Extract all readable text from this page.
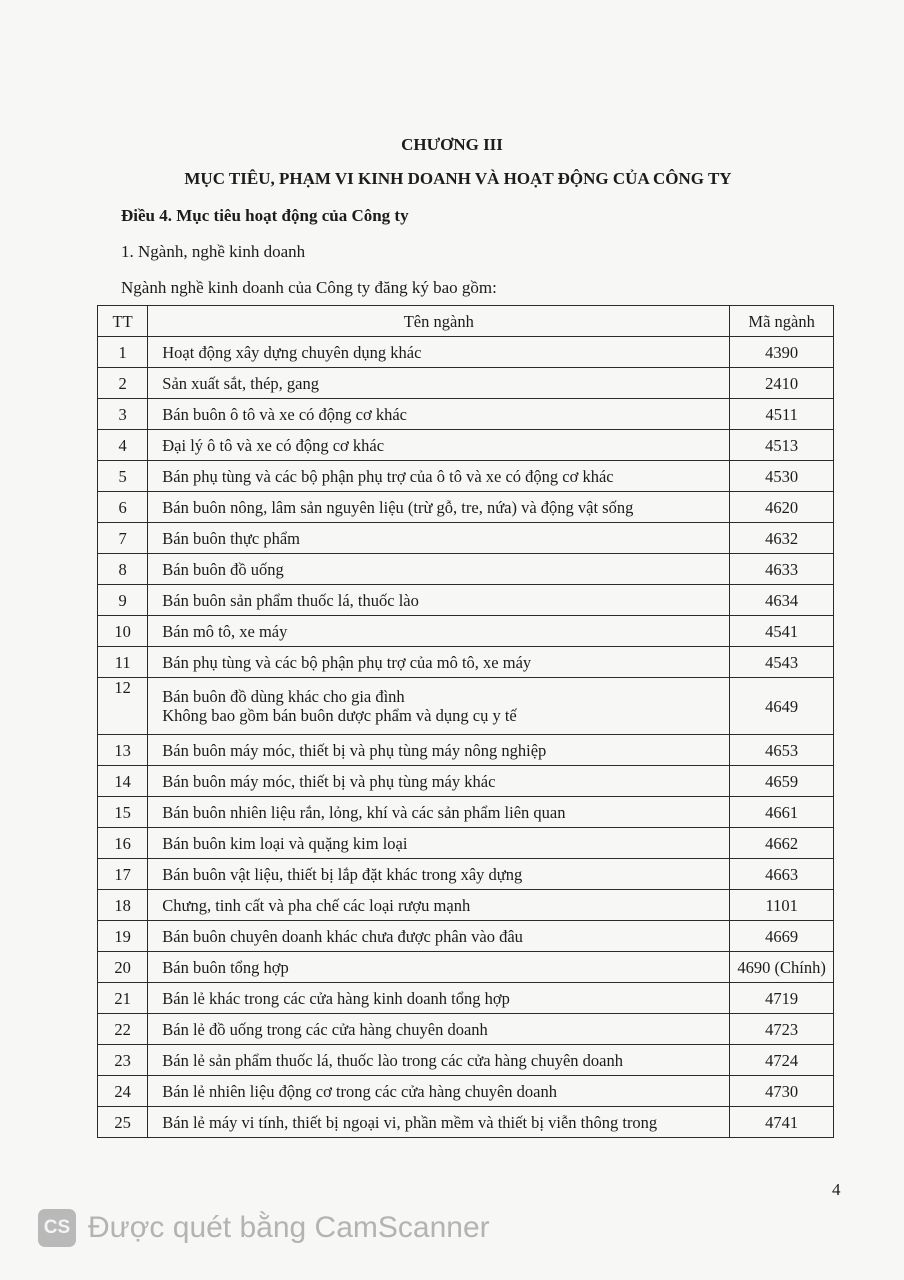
CHƯƠNG III
MỤC TIÊU, PHẠM VI KINH DOANH VÀ HOẠT ĐỘNG CỦA CÔNG TY
Điều 4. Mục tiêu hoạt động của Công ty
1. Ngành, nghề kinh doanh
Ngành nghề kinh doanh của Công ty đăng ký bao gồm:
TT	Tên ngành	Mã ngành
1	Hoạt động xây dựng chuyên dụng khác	4390
2	Sản xuất sắt, thép, gang	2410
3	Bán buôn ô tô và xe có động cơ khác	4511
4	Đại lý ô tô và xe có động cơ khác	4513
5	Bán phụ tùng và các bộ phận phụ trợ của ô tô và xe có động cơ khác	4530
6	Bán buôn nông, lâm sản nguyên liệu (trừ gỗ, tre, nứa) và động vật sống	4620
7	Bán buôn thực phẩm	4632
8	Bán buôn đồ uống	4633
9	Bán buôn sản phẩm thuốc lá, thuốc lào	4634
10	Bán mô tô, xe máy	4541
11	Bán phụ tùng và các bộ phận phụ trợ của mô tô, xe máy	4543
12	Bán buôn đồ dùng khác cho gia đình
Không bao gồm bán buôn dược phẩm và dụng cụ y tế	4649
13	Bán buôn máy móc, thiết bị và phụ tùng máy nông nghiệp	4653
14	Bán buôn máy móc, thiết bị và phụ tùng máy khác	4659
15	Bán buôn nhiên liệu rắn, lỏng, khí và các sản phẩm liên quan	4661
16	Bán buôn kim loại và quặng kim loại	4662
17	Bán buôn vật liệu, thiết bị lắp đặt khác trong xây dựng	4663
18	Chưng, tinh cất và pha chế các loại rượu mạnh	1101
19	Bán buôn chuyên doanh khác chưa được phân vào đâu	4669
20	Bán buôn tổng hợp	4690 (Chính)
21	Bán lẻ khác trong các cửa hàng kinh doanh tổng hợp	4719
22	Bán lẻ đồ uống trong các cửa hàng chuyên doanh	4723
23	Bán lẻ sản phẩm thuốc lá, thuốc lào trong các cửa hàng chuyên doanh	4724
24	Bán lẻ nhiên liệu động cơ trong các cửa hàng chuyên doanh	4730
25	Bán lẻ máy vi tính, thiết bị ngoại vi, phần mềm và thiết bị viễn thông trong	4741
4
CS Được quét bằng CamScanner
